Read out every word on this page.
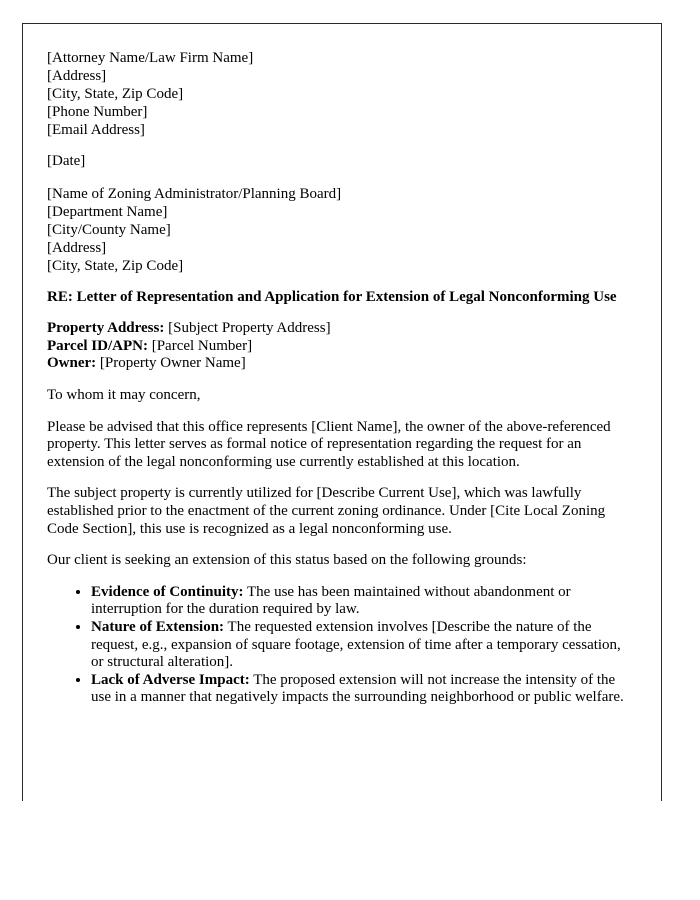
[Attorney Name/Law Firm Name]
[Address]
[City, State, Zip Code]
[Phone Number]
[Email Address]

[Date]

[Name of Zoning Administrator/Planning Board]
[Department Name]
[City/County Name]
[Address]
[City, State, Zip Code]

RE: Letter of Representation and Application for Extension of Legal Nonconforming Use

Property Address: [Subject Property Address]
Parcel ID/APN: [Parcel Number]
Owner: [Property Owner Name]

To whom it may concern,

Please be advised that this office represents [Client Name], the owner of the above-referenced property. This letter serves as formal notice of representation regarding the request for an extension of the legal nonconforming use currently established at this location.

The subject property is currently utilized for [Describe Current Use], which was lawfully established prior to the enactment of the current zoning ordinance. Under [Cite Local Zoning Code Section], this use is recognized as a legal nonconforming use.

Our client is seeking an extension of this status based on the following grounds:

• Evidence of Continuity: The use has been maintained without abandonment or interruption for the duration required by law.
• Nature of Extension: The requested extension involves [Describe the nature of the request, e.g., expansion of square footage, extension of time after a temporary cessation, or structural alteration].
• Lack of Adverse Impact: The proposed extension will not increase the intensity of the use in a manner that negatively impacts the surrounding neighborhood or public welfare.
